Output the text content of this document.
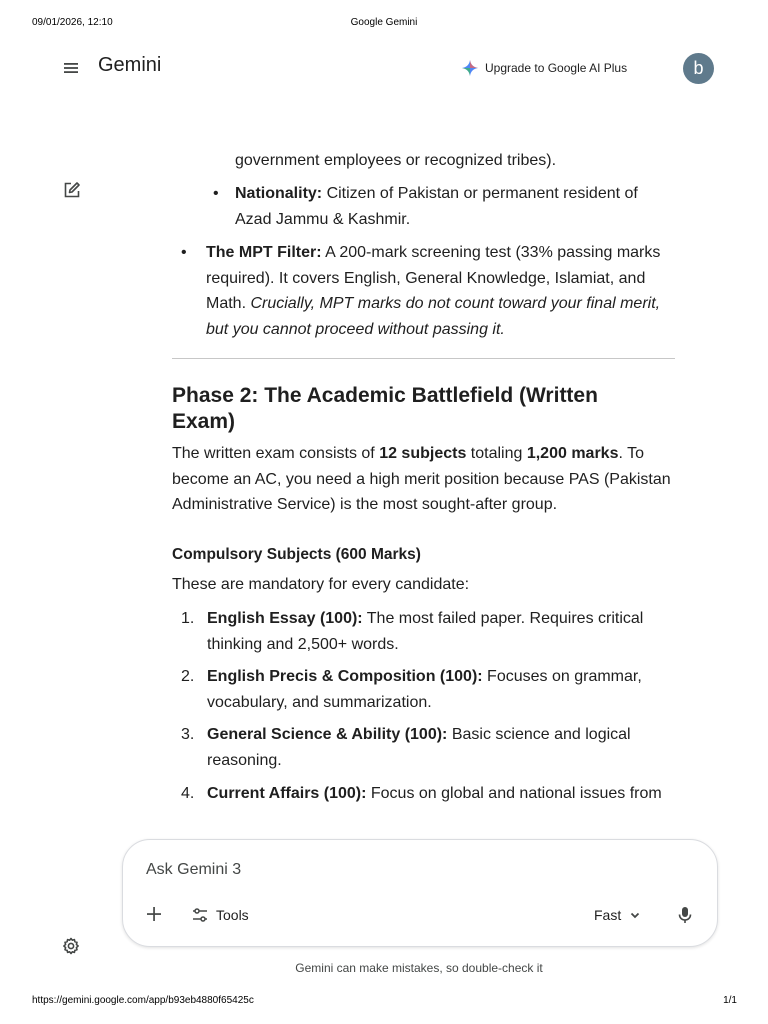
09/01/2026, 12:10	Google Gemini
Gemini	Upgrade to Google AI Plus	b
government employees or recognized tribes).
• Nationality: Citizen of Pakistan or permanent resident of
Azad Jammu & Kashmir.
• The MPT Filter: A 200-mark screening test (33% passing marks
required). It covers English, General Knowledge, Islamiat, and
Math. Crucially, MPT marks do not count toward your final merit,
but you cannot proceed without passing it.
Phase 2: The Academic Battlefield (Written Exam)
The written exam consists of 12 subjects totaling 1,200 marks. To
become an AC, you need a high merit position because PAS (Pakistan
Administrative Service) is the most sought-after group.
Compulsory Subjects (600 Marks)
These are mandatory for every candidate:
1. English Essay (100): The most failed paper. Requires critical
thinking and 2,500+ words.
2. English Precis & Composition (100): Focuses on grammar,
vocabulary, and summarization.
3. General Science & Ability (100): Basic science and logical
reasoning.
4. Current Affairs (100): Focus on global and national issues from
Ask Gemini 3
Tools	Fast
Gemini can make mistakes, so double-check it
https://gemini.google.com/app/b93eb4880f65425c	1/1
